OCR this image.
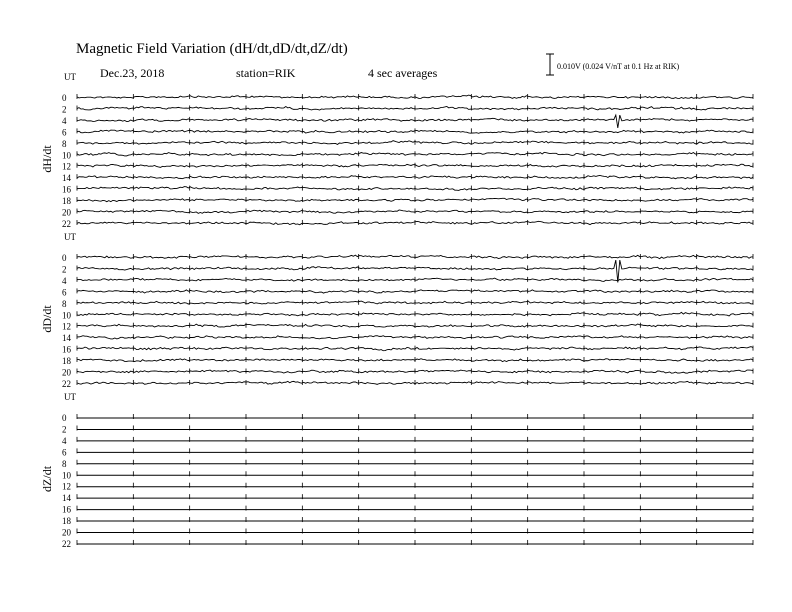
Magnetic Field Variation (dH/dt,dD/dt,dZ/dt)
Dec.23, 2018	station=RIK	4 sec averages	0.010V (0.024 V/nT at 0.1 Hz at RIK)
UT
dH/dt
0
2
4
6
8
10
12
14
16
18
20
22
UT
dD/dt
0
2
4
6
8
10
12
14
16
18
20
22
UT
dZ/dt
0
2
4
6
8
10
12
14
16
18
20
22
